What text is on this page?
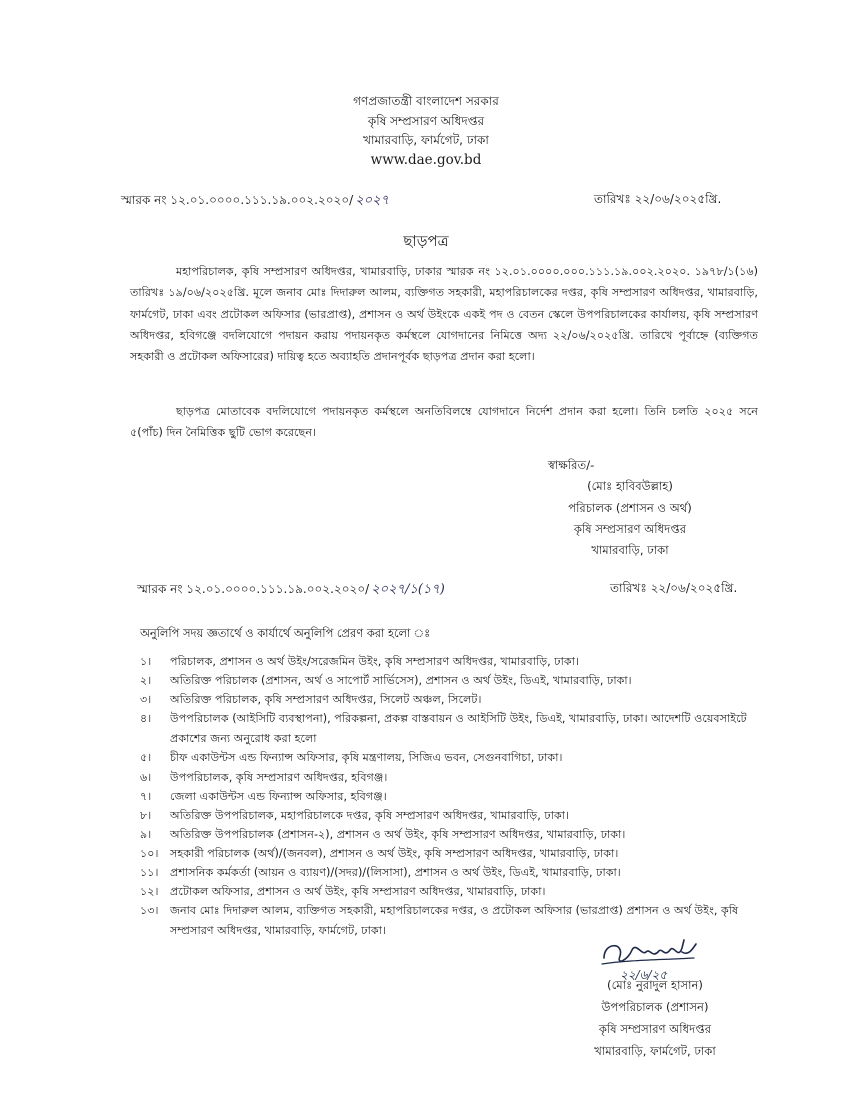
গণপ্রজাতন্ত্রী বাংলাদেশ সরকার
কৃষি সম্প্রসারণ অধিদপ্তর
খামারবাড়ি, ফার্মগেট, ঢাকা
www.dae.gov.bd
স্মারক নং ১২.০১.০০০০.১১১.১৯.০০২.২০২০/ ২০২৭	তারিখঃ ২২/০৬/২০২৫খ্রি.
ছাড়পত্র
মহাপরিচালক, কৃষি সম্প্রসারণ অধিদপ্তর, খামারবাড়ি, ঢাকার স্মারক নং ১২.০১.০০০০.০০০.১১১.১৯.০০২.২০২০. ১৯৭৮/১(১৬) তারিখঃ ১৯/০৬/২০২৫খ্রি. মূলে জনাব মোঃ দিদারুল আলম, ব্যক্তিগত সহকারী, মহাপরিচালকের দপ্তর, কৃষি সম্প্রসারণ অধিদপ্তর, খামারবাড়ি, ফার্মগেট, ঢাকা এবং প্রটোকল অফিসার (ভারপ্রাপ্ত), প্রশাসন ও অর্থ উইংকে একই পদ ও বেতন স্কেলে উপপরিচালকের কার্যালয়, কৃষি সম্প্রসারণ অধিদপ্তর, হবিগঞ্জে বদলিযোগে পদায়ন করায় পদায়নকৃত কর্মস্থলে যোগদানের নিমিত্তে অদ্য ২২/০৬/২০২৫খ্রি. তারিখে পূর্বাহ্নে (ব্যক্তিগত সহকারী ও প্রটোকল অফিসারের) দায়িত্ব হতে অব্যাহতি প্রদানপূর্বক ছাড়পত্র প্রদান করা হলো।
ছাড়পত্র মোতাবেক বদলিযোগে পদায়নকৃত কর্মস্থলে অনতিবিলম্বে যোগদানে নির্দেশ প্রদান করা হলো। তিনি চলতি ২০২৫ সনে ৫(পাঁচ) দিন নৈমিত্তিক ছুটি ভোগ করেছেন।
স্বাক্ষরিত/-
(মোঃ হাবিবউল্লাহ)
পরিচালক (প্রশাসন ও অর্থ)
কৃষি সম্প্রসারণ অধিদপ্তর
খামারবাড়ি, ঢাকা
স্মারক নং ১২.০১.০০০০.১১১.১৯.০০২.২০২০/ ২০২৭/১(১৭)	তারিখঃ ২২/০৬/২০২৫খ্রি.
অনুলিপি সদয় জ্ঞতার্থে ও কার্যার্থে অনুলিপি প্রেরণ করা হলো ঃ
১।	পরিচালক, প্রশাসন ও অর্থ উইং/সরেজমিন উইং, কৃষি সম্প্রসারণ অধিদপ্তর, খামারবাড়ি, ঢাকা।
২।	অতিরিক্ত পরিচালক (প্রশাসন, অর্থ ও সাপোর্ট সার্ভিসেস), প্রশাসন ও অর্থ উইং, ডিএই, খামারবাড়ি, ঢাকা।
৩।	অতিরিক্ত পরিচালক, কৃষি সম্প্রসারণ অধিদপ্তর, সিলেট অঞ্চল, সিলেট।
৪।	উপপরিচালক (আইসিটি ব্যবস্থাপনা), পরিকল্পনা, প্রকল্প বাস্তবায়ন ও আইসিটি উইং, ডিএই, খামারবাড়ি, ঢাকা। আদেশটি ওয়েবসাইটে প্রকাশের জন্য অনুরোধ করা হলো
৫।	চীফ একাউন্টস এন্ড ফিন্যান্স অফিসার, কৃষি মন্ত্রণালয়, সিজিএ ভবন, সেগুনবাগিচা, ঢাকা।
৬।	উপপরিচালক, কৃষি সম্প্রসারণ অধিদপ্তর, হবিগঞ্জ।
৭।	জেলা একাউন্টস এন্ড ফিন্যান্স অফিসার, হবিগঞ্জ।
৮।	অতিরিক্ত উপপরিচালক, মহাপরিচালকে দপ্তর, কৃষি সম্প্রসারণ অধিদপ্তর, খামারবাড়ি, ঢাকা।
৯।	অতিরিক্ত উপপরিচালক (প্রশাসন-২), প্রশাসন ও অর্থ উইং, কৃষি সম্প্রসারণ অধিদপ্তর, খামারবাড়ি, ঢাকা।
১০।	সহকারী পরিচালক (অর্থ)/(জনবল), প্রশাসন ও অর্থ উইং, কৃষি সম্প্রসারণ অধিদপ্তর, খামারবাড়ি, ঢাকা।
১১।	প্রশাসনিক কর্মকর্তা (আয়ন ও ব্যায়ণ)/(সদর)/(লিসাসা), প্রশাসন ও অর্থ উইং, ডিএই, খামারবাড়ি, ঢাকা।
১২।	প্রটোকল অফিসার, প্রশাসন ও অর্থ উইং, কৃষি সম্প্রসারণ অধিদপ্তর, খামারবাড়ি, ঢাকা।
১৩।	জনাব মোঃ দিদারুল আলম, ব্যক্তিগত সহকারী, মহাপরিচালকের দপ্তর, ও প্রটোকল অফিসার (ভারপ্রাপ্ত) প্রশাসন ও অর্থ উইং, কৃষি সম্প্রসারণ অধিদপ্তর, খামারবাড়ি, ফার্মগেট, ঢাকা।
২২/৬/২৫
(মোঃ নুরাদুল হাসান)
উপপরিচালক (প্রশাসন)
কৃষি সম্প্রসারণ অধিদপ্তর
খামারবাড়ি, ফার্মগেট, ঢাকা
